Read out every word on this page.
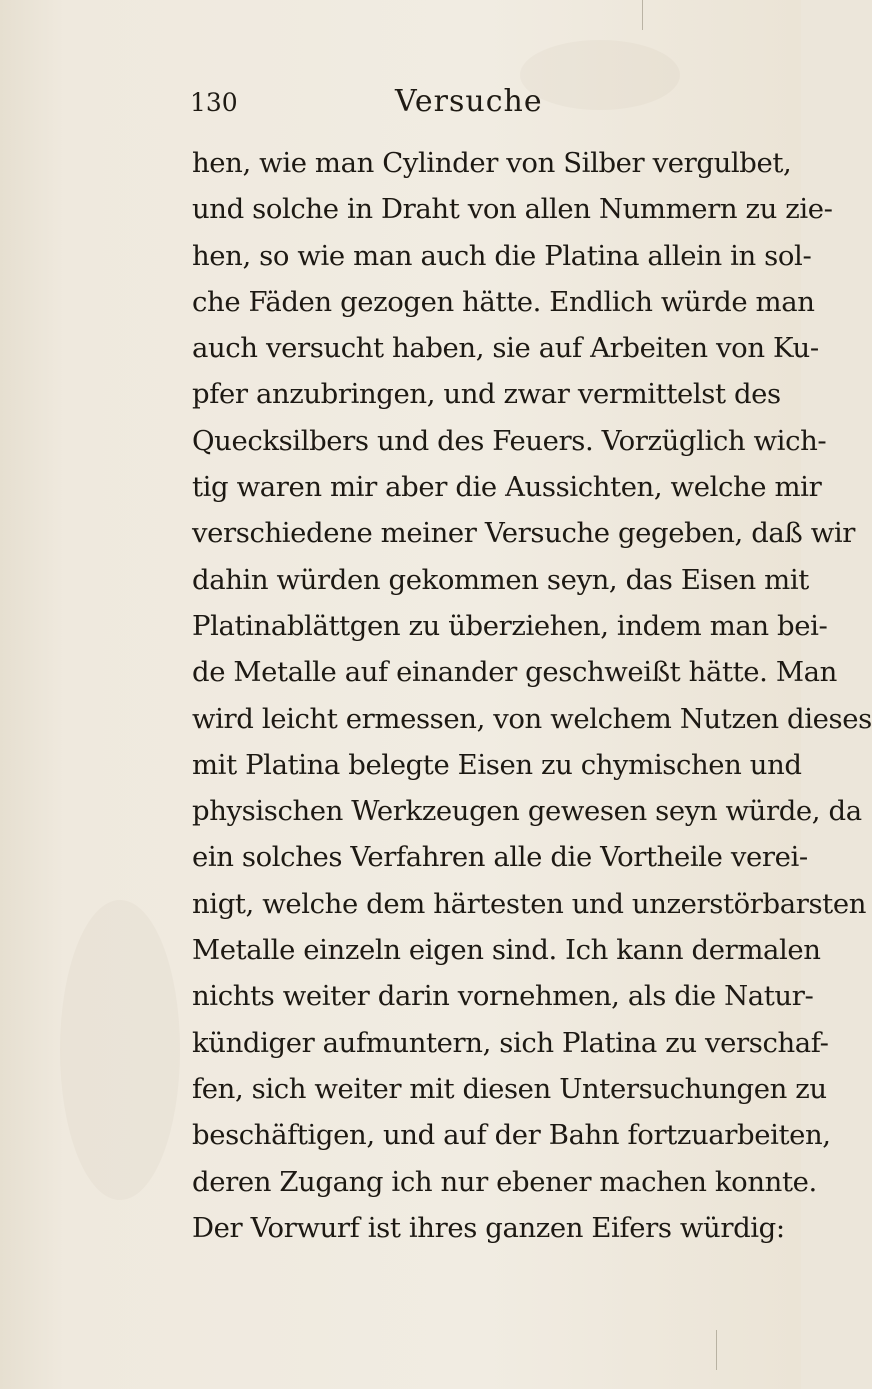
130	Versuche
hen, wie man Cylinder von Silber vergulbet,
und solche in Draht von allen Nummern zu zie-
hen, so wie man auch die Platina allein in sol-
che Fäden gezogen hätte. Endlich würde man
auch versucht haben, sie auf Arbeiten von Ku-
pfer anzubringen, und zwar vermittelst des
Quecksilbers und des Feuers. Vorzüglich wich-
tig waren mir aber die Aussichten, welche mir
verschiedene meiner Versuche gegeben, daß wir
dahin würden gekommen seyn, das Eisen mit
Platinablättgen zu überziehen, indem man bei-
de Metalle auf einander geschweißt hätte. Man
wird leicht ermessen, von welchem Nutzen dieses
mit Platina belegte Eisen zu chymischen und
physischen Werkzeugen gewesen seyn würde, da
ein solches Verfahren alle die Vortheile verei-
nigt, welche dem härtesten und unzerstörbarsten
Metalle einzeln eigen sind. Ich kann dermalen
nichts weiter darin vornehmen, als die Natur-
kündiger aufmuntern, sich Platina zu verschaf-
fen, sich weiter mit diesen Untersuchungen zu
beschäftigen, und auf der Bahn fortzuarbeiten,
deren Zugang ich nur ebener machen konnte.
Der Vorwurf ist ihres ganzen Eifers würdig:
